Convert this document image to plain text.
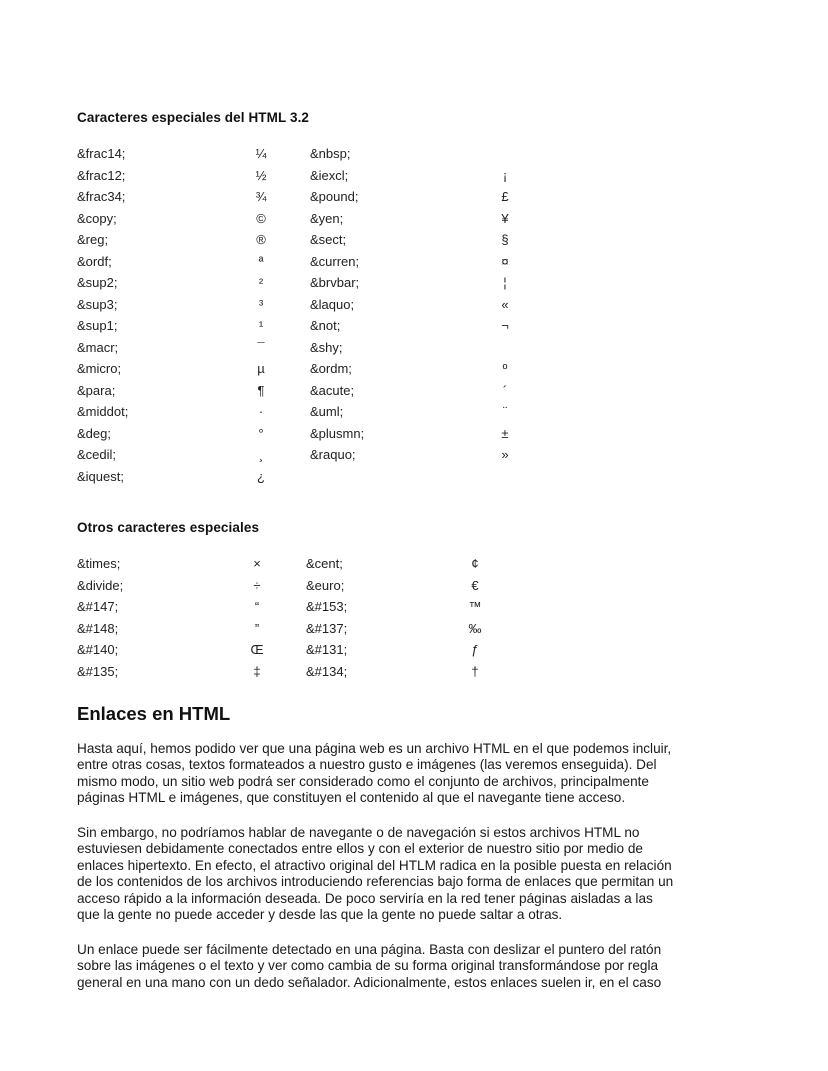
Caracteres especiales del HTML 3.2
&frac14;	¼	&nbsp;
&frac12;	½	&iexcl;	¡
&frac34;	¾	&pound;	£
&copy;	©	&yen;	¥
&reg;	®	&sect;	§
&ordf;	ª	&curren;	¤
&sup2;	²	&brvbar;	¦
&sup3;	³	&laquo;	«
&sup1;	¹	&not;	¬
&macr;	¯	&shy;
&micro;	µ	&ordm;	º
&para;	¶	&acute;	´
&middot;	·	&uml;	¨
&deg;	°	&plusmn;	±
&cedil;	¸	&raquo;	»
&iquest;	¿
Otros caracteres especiales
&times;	×	&cent;	¢
&divide;	÷	&euro;	€
&#147;	“	&#153;	™
&#148;	”	&#137;	‰
&#140;	Œ	&#131;	ƒ
&#135;	‡	&#134;	†
Enlaces en HTML
Hasta aquí, hemos podido ver que una página web es un archivo HTML en el que podemos incluir,
entre otras cosas, textos formateados a nuestro gusto e imágenes (las veremos enseguida). Del
mismo modo, un sitio web podrá ser considerado como el conjunto de archivos, principalmente
páginas HTML e imágenes, que constituyen el contenido al que el navegante tiene acceso.
Sin embargo, no podríamos hablar de navegante o de navegación si estos archivos HTML no
estuviesen debidamente conectados entre ellos y con el exterior de nuestro sitio por medio de
enlaces hipertexto. En efecto, el atractivo original del HTLM radica en la posible puesta en relación
de los contenidos de los archivos introduciendo referencias bajo forma de enlaces que permitan un
acceso rápido a la información deseada. De poco serviría en la red tener páginas aisladas a las
que la gente no puede acceder y desde las que la gente no puede saltar a otras.
Un enlace puede ser fácilmente detectado en una página. Basta con deslizar el puntero del ratón
sobre las imágenes o el texto y ver como cambia de su forma original transformándose por regla
general en una mano con un dedo señalador. Adicionalmente, estos enlaces suelen ir, en el caso
